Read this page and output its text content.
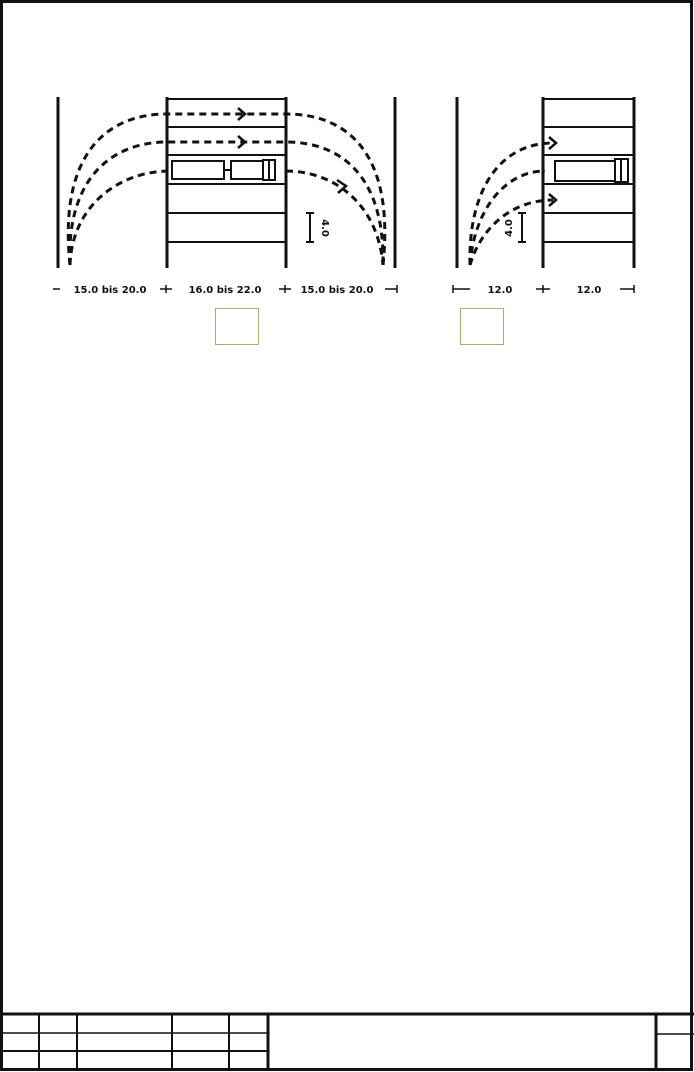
15.0 bis 20.0	16.0 bis 22.0	15.0 bis 20.0
4.0
12.0	12.0
4.0
